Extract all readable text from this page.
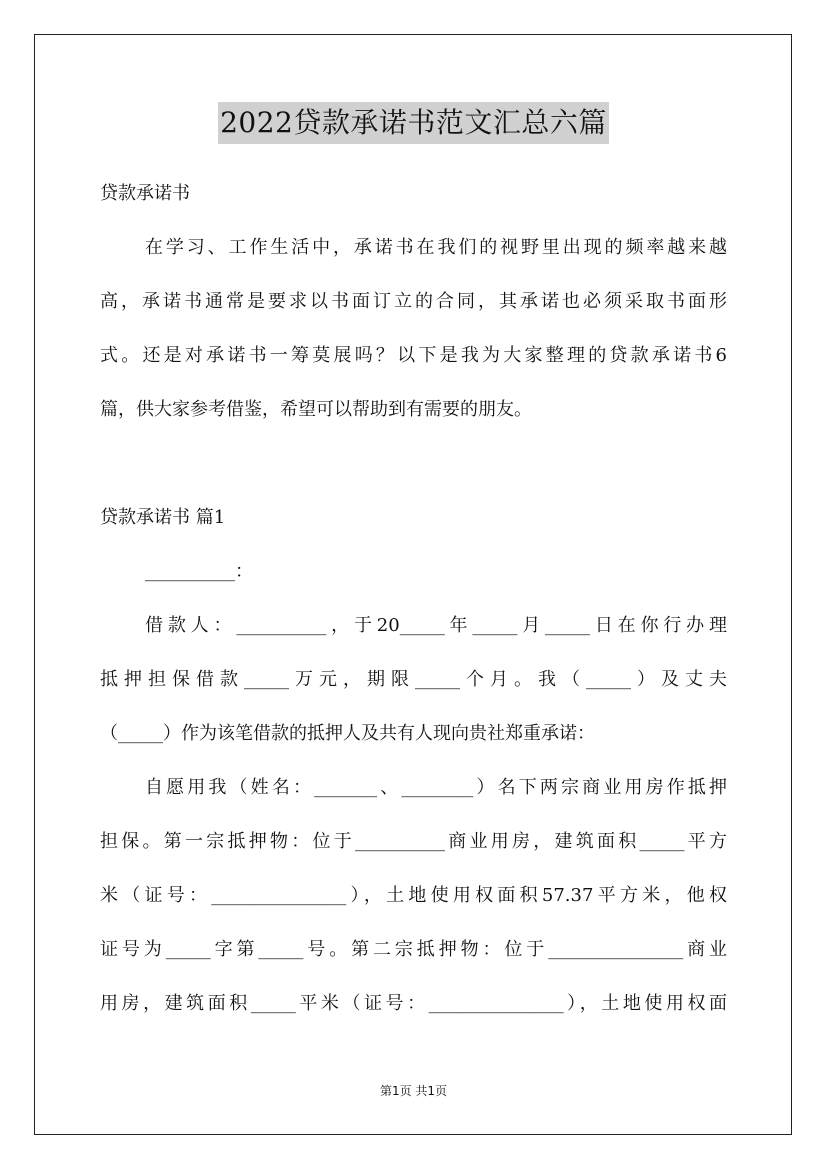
2022贷款承诺书范文汇总六篇
贷款承诺书
在学习、工作生活中，承诺书在我们的视野里出现的频率越来越
高，承诺书通常是要求以书面订立的合同，其承诺也必须采取书面形
式。还是对承诺书一筹莫展吗？以下是我为大家整理的贷款承诺书6
篇，供大家参考借鉴，希望可以帮助到有需要的朋友。
贷款承诺书 篇1
__________：
借款人：__________，于20_____年_____月_____日在你行办理
抵押担保借款_____万元，期限_____个月。我（_____）及丈夫
（_____）作为该笔借款的抵押人及共有人现向贵社郑重承诺：
自愿用我（姓名：_______、________）名下两宗商业用房作抵押
担保。第一宗抵押物：位于__________商业用房，建筑面积_____平方
米（证号：_______________），土地使用权面积57.37平方米，他权
证号为_____字第_____号。第二宗抵押物：位于_______________商业
用房，建筑面积_____平米（证号：_______________），土地使用权面
第1页 共1页
